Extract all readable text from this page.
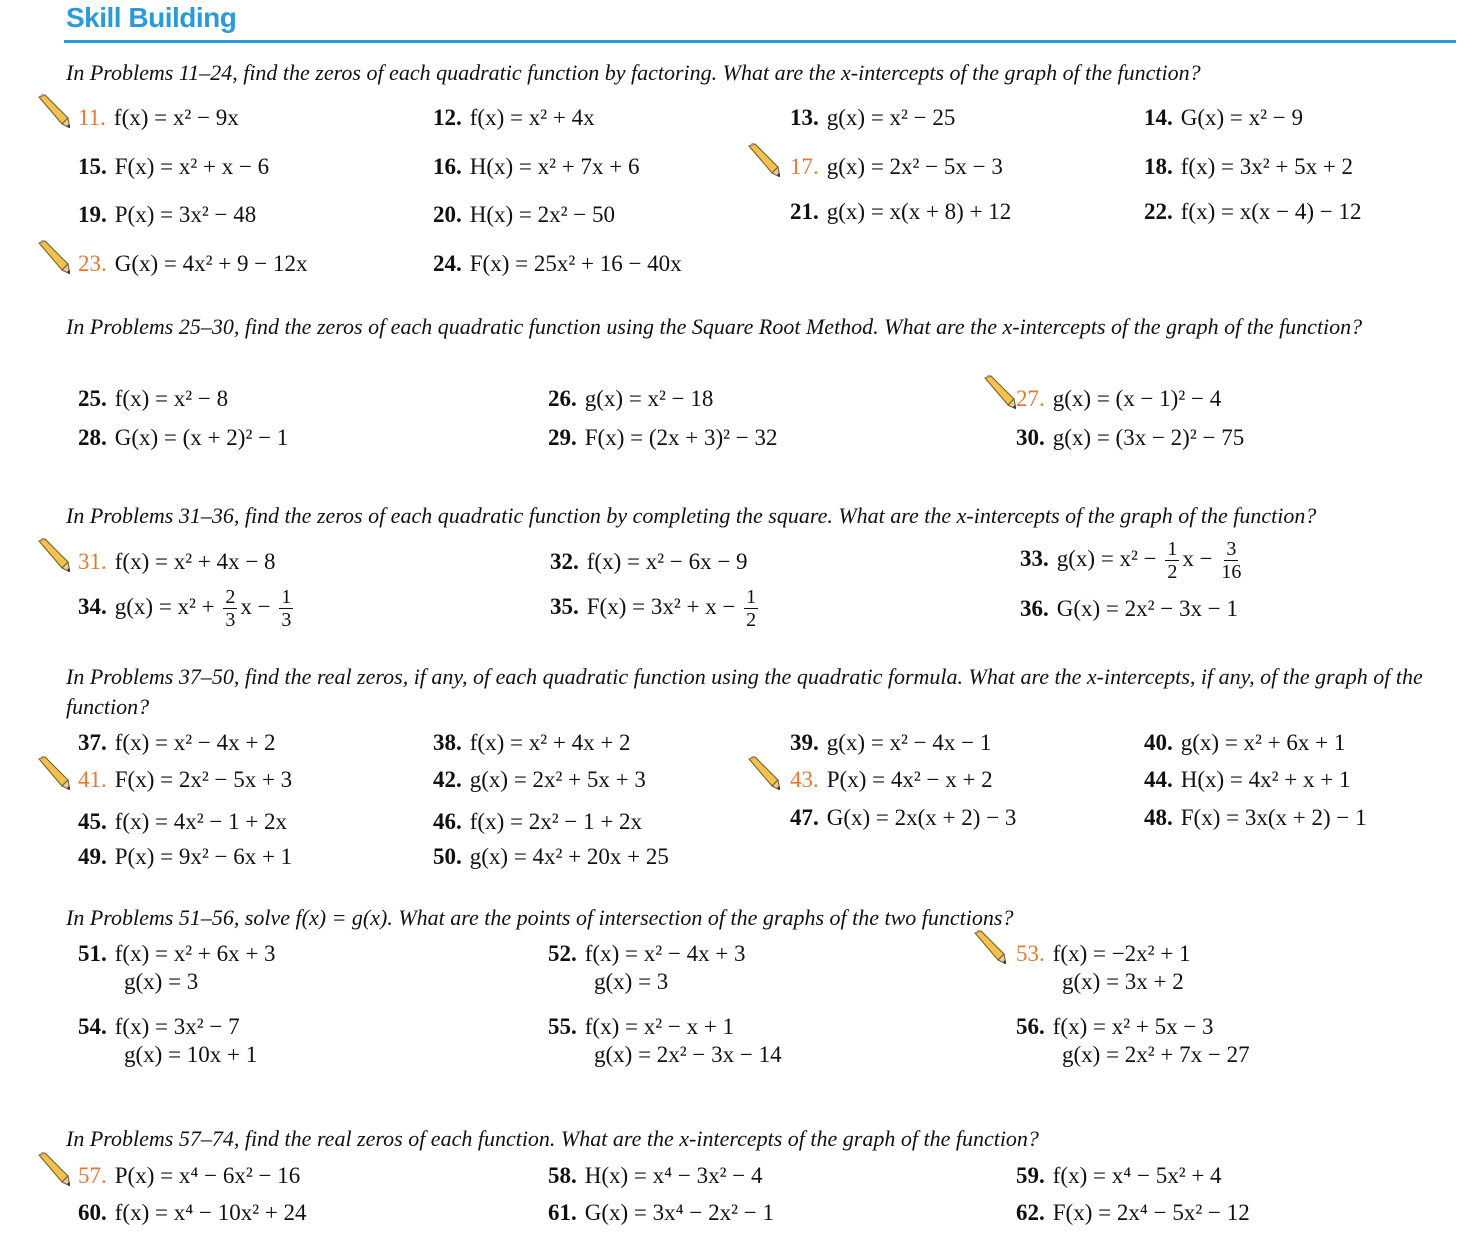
Skill Building
In Problems 11–24, find the zeros of each quadratic function by factoring. What are the x-intercepts of the graph of the function?
11. f(x) = x² − 9x	12. f(x) = x² + 4x	13. g(x) = x² − 25	14. G(x) = x² − 9
15. F(x) = x² + x − 6	16. H(x) = x² + 7x + 6	17. g(x) = 2x² − 5x − 3	18. f(x) = 3x² + 5x + 2
19. P(x) = 3x² − 48	20. H(x) = 2x² − 50	21. g(x) = x(x + 8) + 12	22. f(x) = x(x − 4) − 12
23. G(x) = 4x² + 9 − 12x	24. F(x) = 25x² + 16 − 40x
In Problems 25–30, find the zeros of each quadratic function using the Square Root Method. What are the x-intercepts of the graph of the function?
25. f(x) = x² − 8	26. g(x) = x² − 18	27. g(x) = (x − 1)² − 4
28. G(x) = (x + 2)² − 1	29. F(x) = (2x + 3)² − 32	30. g(x) = (3x − 2)² − 75
In Problems 31–36, find the zeros of each quadratic function by completing the square. What are the x-intercepts of the graph of the function?
31. f(x) = x² + 4x − 8	32. f(x) = x² − 6x − 9	33. $g(x) = x^2 - \frac{1}{2}$ $x - \frac{3}{16}$
34. $g(x) = x^2 + \frac{2}{3}$ $x - \frac{1}{3}$	35. $F(x) = 3x^2 + x - \frac{1}{2}$	36. G(x) = 2x² − 3x − 1
In Problems 37–50, find the real zeros, if any, of each quadratic function using the quadratic formula. What are the x-intercepts, if any, of the graph of the function?
37. f(x) = x² − 4x + 2	38. f(x) = x² + 4x + 2	39. g(x) = x² − 4x − 1	40. g(x) = x² + 6x + 1
41. F(x) = 2x² − 5x + 3	42. g(x) = 2x² + 5x + 3	43. P(x) = 4x² − x + 2	44. H(x) = 4x² + x + 1
45. f(x) = 4x² − 1 + 2x	46. f(x) = 2x² − 1 + 2x	47. G(x) = 2x(x + 2) − 3	48. F(x) = 3x(x + 2) − 1
49. P(x) = 9x² − 6x + 1	50. g(x) = 4x² + 20x + 25
In Problems 51–56, solve f(x) = g(x). What are the points of intersection of the graphs of the two functions?
51. f(x) = x² + 6x + 3
g(x) = 3
52. f(x) = x² − 4x + 3
g(x) = 3
53. f(x) = −2x² + 1
g(x) = 3x + 2
54. f(x) = 3x² − 7
g(x) = 10x + 1
55. f(x) = x² − x + 1
g(x) = 2x² − 3x − 14
56. f(x) = x² + 5x − 3
g(x) = 2x² + 7x − 27
In Problems 57–74, find the real zeros of each function. What are the x-intercepts of the graph of the function?
57. P(x) = x⁴ − 6x² − 16	58. H(x) = x⁴ − 3x² − 4	59. f(x) = x⁴ − 5x² + 4
60. f(x) = x⁴ − 10x² + 24	61. G(x) = 3x⁴ − 2x² − 1	62. F(x) = 2x⁴ − 5x² − 12
